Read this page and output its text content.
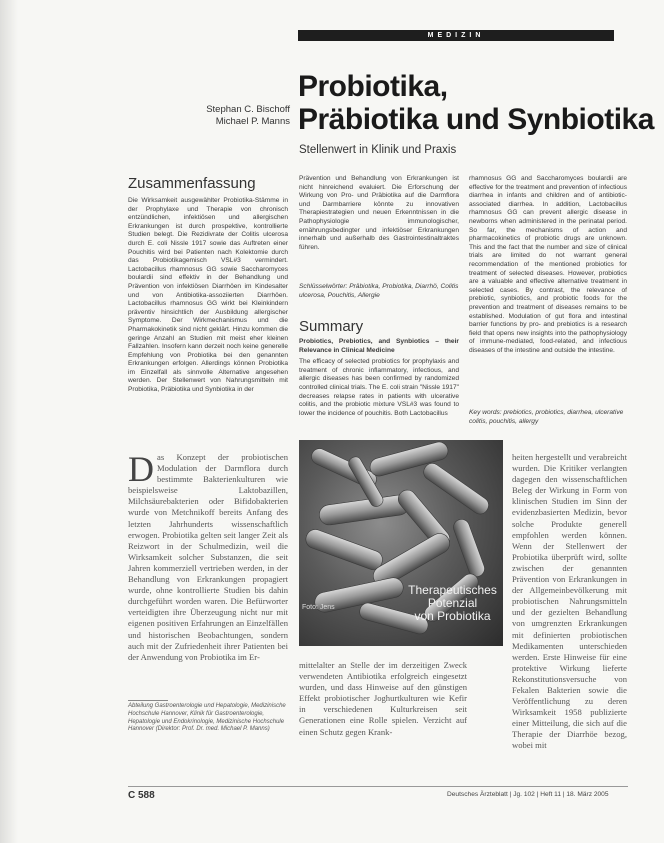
MEDIZIN
Stephan C. Bischoff
Michael P. Manns
Probiotika,
Präbiotika und Synbiotika
Stellenwert in Klinik und Praxis
Zusammenfassung

Die Wirksamkeit ausgewählter Probiotika-Stämme in der Prophylaxe und Therapie von chronisch entzündlichen, infektiösen und allergischen Erkrankungen ist durch prospektive, kontrollierte Studien belegt. Die Rezidivrate der Colitis ulcerosa durch E. coli Nissle 1917 sowie das Auftreten einer Pouchitis wird bei Patienten nach Kolektomie durch das Probiotikagemisch VSL#3 vermindert. Lactobacillus rhamnosus GG sowie Saccharomyces boulardii sind effektiv in der Behandlung und Prävention von infektiösen Diarrhöen im Kindesalter und von Antibiotika-assoziierten Diarrhöen. Lactobacillus rhamnosus GG wirkt bei Kleinkindern präventiv hinsichtlich der Ausbildung allergischer Symptome. Der Wirkmechanismus und die Pharmakokinetik sind nicht geklärt. Hinzu kommen die geringe Anzahl an Studien mit meist eher kleinen Fallzahlen. Insofern kann derzeit noch keine generelle Empfehlung von Probiotika bei den genannten Erkrankungen erfolgen. Allerdings können Probiotika im Einzelfall als sinnvolle Alternative angesehen werden. Der Stellenwert von Nahrungsmitteln mit Probiotika, Präbiotika und Synbiotika in der

Prävention und Behandlung von Erkrankungen ist nicht hinreichend evaluiert. Die Erforschung der Wirkung von Pro- und Präbiotika auf die Darmflora und Darmbarriere könnte zu innovativen Therapiestrategien und neuen Erkenntnissen in die Pathophysiologie immunologischer, ernährungsbedingter und infektiöser Erkrankungen innerhalb und außerhalb des Gastrointestinaltraktes führen.

Schlüsselwörter: Präbiotika, Probiotika, Diarrhö, Colitis ulcerosa, Pouchitis, Allergie
Summary

Probiotics, Prebiotics, and Synbiotics – their Relevance in Clinical Medicine

The efficacy of selected probiotics for prophylaxis and treatment of chronic inflammatory, infectious, and allergic diseases has been confirmed by randomized controlled clinical trials. The E. coli strain "Nissle 1917" decreases relapse rates in patients with ulcerative colitis, and the probiotic mixture VSL#3 was found to lower the incidence of pouchitis. Both Lactobacillus

rhamnosus GG and Saccharomyces boulardii are effective for the treatment and prevention of infectious diarrhea in infants and children and of antibiotic-associated diarrhea. In addition, Lactobacillus rhamnosus GG can prevent allergic disease in newborns when administered in the perinatal period. So far, the mechanisms of action and pharmacokinetics of probiotic drugs are unknown. This and the fact that the number and size of clinical trials are limited do not warrant general recommendation of the mentioned probiotics for treatment of selected diseases. However, probiotics are a valuable and effective alternative treatment in selected cases. By contrast, the relevance of prebiotic, synbiotics, and probiotic foods for the prevention and treatment of diseases remains to be established. Modulation of gut flora and intestinal barrier functions by pro- and prebiotics is a research field that opens new insights into the pathophysiology of immune-mediated, food-related, and infectious diseases of the intestine and outside the intestine.

Key words: prebiotics, probiotics, diarrhea, ulcerative colitis, pouchitis, allergy
D as Konzept der probiotischen Modulation der Darmflora durch bestimmte Bakterienkulturen wie beispielsweise Laktobazillen, Milchsäurebakterien oder Bifidobakterien wurde von Metchnikoff bereits Anfang des letzten Jahrhunderts wissenschaftlich erwogen. Probiotika gelten seit langer Zeit als Reizwort in der Schulmedizin, weil die Wirksamkeit solcher Substanzen, die seit Jahren kommerziell vertrieben werden, in der Behandlung von Erkrankungen propagiert wurde, ohne kontrollierte Studien bis dahin durchgeführt worden waren. Die Befürworter verteidigten ihre Überzeugung nicht nur mit eigenen positiven Erfahrungen an Einzelfällen und historischen Beobachtungen, sondern auch mit der Zufriedenheit ihrer Patienten bei der Anwendung von Probiotika im Er-
Abteilung Gastroenterologie und Hepatologie, Medizinische Hochschule Hannover, Klinik für Gastroenterologie, Hepatologie und Endokrinologie, Medizinische Hochschule Hannover (Direktor: Prof. Dr. med. Michael P. Manns)
Therapeutisches
Potenzial
von Probiotika
Foto: Jens
mittelalter an Stelle der im derzeitigen Zweck verwendeten Antibiotika erfolgreich eingesetzt wurden, und dass Hinweise auf den günstigen Effekt probiotischer Joghurtkulturen wie Kefir in verschiedenen Kulturkreisen seit Generationen eine Rolle spielen. Verzicht auf einen Schutz gegen Krank-
heiten hergestellt und verabreicht wurden. Die Kritiker verlangten dagegen den wissenschaftlichen Beleg der Wirkung in Form von klinischen Studien im Sinn der evidenzbasierten Medizin, bevor solche Produkte generell empfohlen werden können. Wenn der Stellenwert der Probiotika überprüft wird, sollte zwischen der genannten Prävention von Erkrankungen in der Allgemeinbevölkerung mit probiotischen Nahrungsmitteln und der gezielten Behandlung von umgrenzten Erkrankungen mit definierten probiotischen Medikamenten unterschieden werden. Erste Hinweise für eine protektive Wirkung lieferte Rekonstitutionsversuche von Fekalen Bakterien sowie die Veröffentlichung zu deren Wirksamkeit 1958 publizierte einer Mitteilung, die sich auf die Therapie der Diarrhöe bezog, wobei mit
C 588	Deutsches Ärzteblatt | Jg. 102 | Heft 11 | 18. März 2005
